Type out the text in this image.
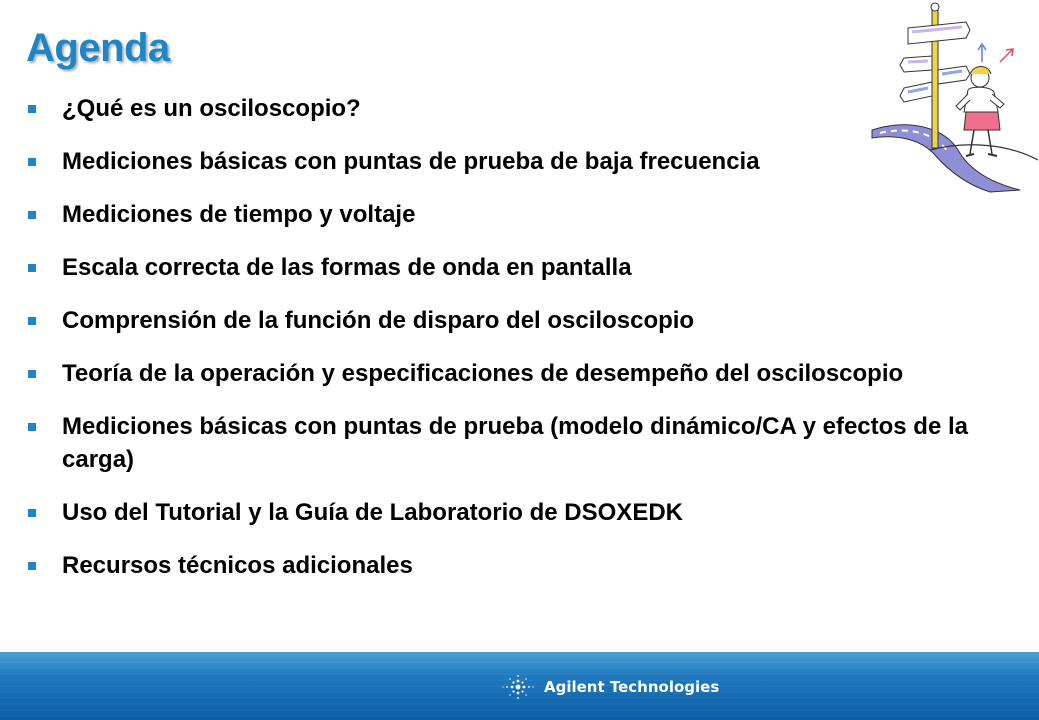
Agenda
¿Qué es un osciloscopio?
Mediciones básicas con puntas de prueba de baja frecuencia
Mediciones de tiempo y voltaje
Escala correcta de las formas de onda en pantalla
Comprensión de la función de disparo del osciloscopio
Teoría de la operación y especificaciones de desempeño del osciloscopio
Mediciones básicas con puntas de prueba (modelo dinámico/CA y efectos de la carga)
Uso del Tutorial y la Guía de Laboratorio de DSOXEDK
Recursos técnicos adicionales
Agilent Technologies
